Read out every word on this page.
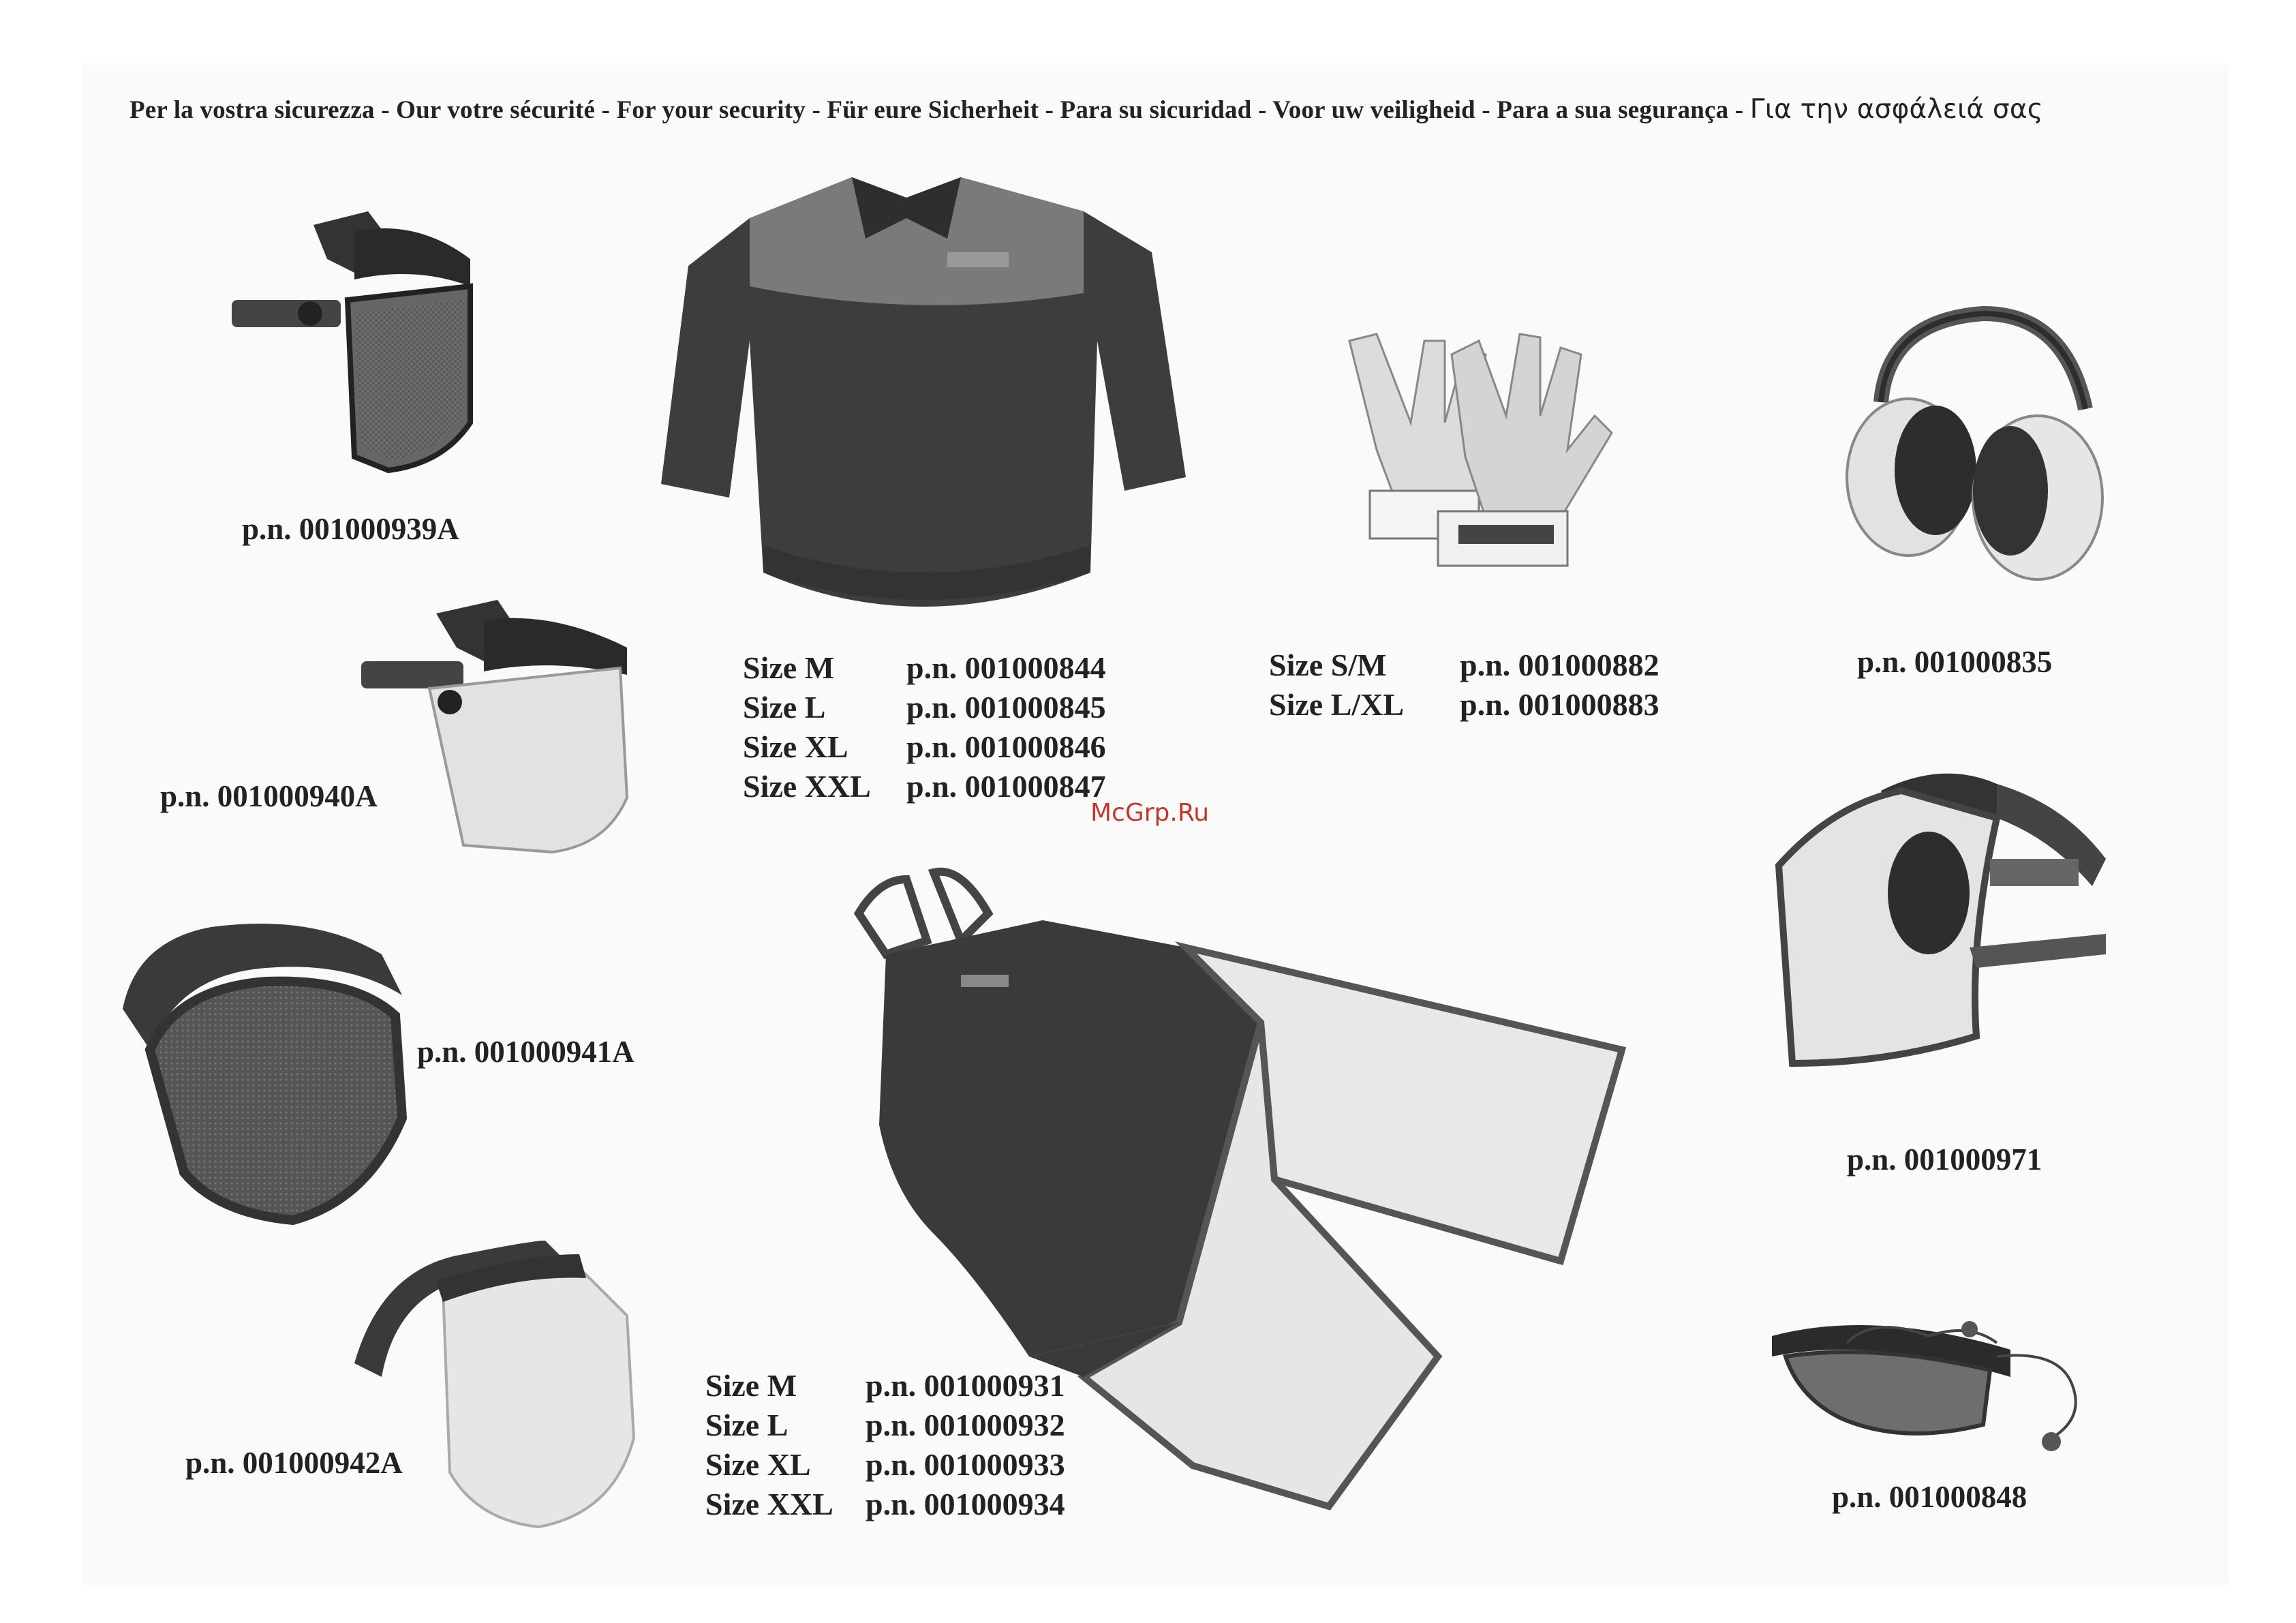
Per la vostra sicurezza - Our votre sécurité - For your security - Für eure Sicherheit - Para su sicuridad - Voor uw veiligheid - Para a sua segurança - Για την ασφάλειά σας
p.n. 001000939A
p.n. 001000940A
p.n. 001000941A
p.n. 001000942A
Size M	p.n. 001000844
Size L	p.n. 001000845
Size XL	p.n. 001000846
Size XXL	p.n. 001000847
McGrp.Ru
Size S/M	p.n. 001000882
Size L/XL	p.n. 001000883
p.n. 001000835
p.n. 001000971
p.n. 001000848
Size M	p.n. 001000931
Size L	p.n. 001000932
Size XL	p.n. 001000933
Size XXL	p.n. 001000934
